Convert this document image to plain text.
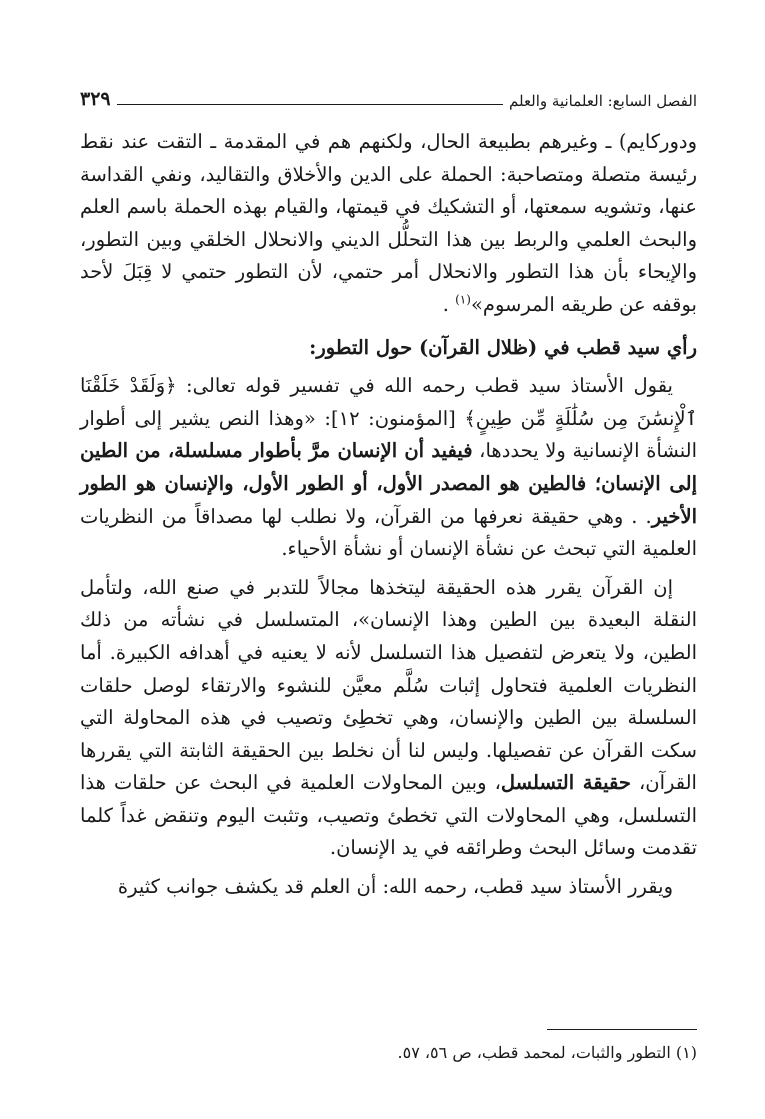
الفصل السابع: العلمانية والعلم
٣٢٩

ودوركايم) ـ وغيرهم بطبيعة الحال، ولكنهم هم في المقدمة ـ التقت عند نقط رئيسة متصلة ومتصاحبة: الحملة على الدين والأخلاق والتقاليد، ونفي القداسة عنها، وتشويه سمعتها، أو التشكيك في قيمتها، والقيام بهذه الحملة باسم العلم والبحث العلمي والربط بين هذا التحلُّل الديني والانحلال الخلقي وبين التطور، والإيحاء بأن هذا التطور والانحلال أمر حتمي، لأن التطور حتمي لا قِبَلَ لأحد بوقفه عن طريقه المرسوم»$^{(١)}$ .

رأي سيد قطب في (ظلال القرآن) حول التطور:

يقول الأستاذ سيد قطب رحمه الله في تفسير قوله تعالى: ﴿وَلَقَدْ خَلَقْنَا ٱلْإِنسَٰنَ مِن سُلَٰلَةٍ مِّن طِينٍ﴾ [المؤمنون: ١٢]: «وهذا النص يشير إلى أطوار النشأة الإنسانية ولا يحددها، فيفيد أن الإنسان مرَّ بأطوار مسلسلة، من الطين إلى الإنسان؛ فالطين هو المصدر الأول، أو الطور الأول، والإنسان هو الطور الأخير. . وهي حقيقة نعرفها من القرآن، ولا نطلب لها مصداقاً من النظريات العلمية التي تبحث عن نشأة الإنسان أو نشأة الأحياء.

إن القرآن يقرر هذه الحقيقة ليتخذها مجالاً للتدبر في صنع الله، ولتأمل النقلة البعيدة بين الطين وهذا الإنسان»، المتسلسل في نشأته من ذلك الطين، ولا يتعرض لتفصيل هذا التسلسل لأنه لا يعنيه في أهدافه الكبيرة. أما النظريات العلمية فتحاول إثبات سُلَّم معيَّن للنشوء والارتقاء لوصل حلقات السلسلة بين الطين والإنسان، وهي تخطِئ وتصيب في هذه المحاولة التي سكت القرآن عن تفصيلها. وليس لنا أن نخلط بين الحقيقة الثابتة التي يقررها القرآن، حقيقة التسلسل، وبين المحاولات العلمية في البحث عن حلقات هذا التسلسل، وهي المحاولات التي تخطئ وتصيب، وتثبت اليوم وتنقض غداً كلما تقدمت وسائل البحث وطرائقه في يد الإنسان.

ويقرر الأستاذ سيد قطب، رحمه الله: أن العلم قد يكشف جوانب كثيرة

(١) التطور والثبات، لمحمد قطب، ص ٥٦، ٥٧.
